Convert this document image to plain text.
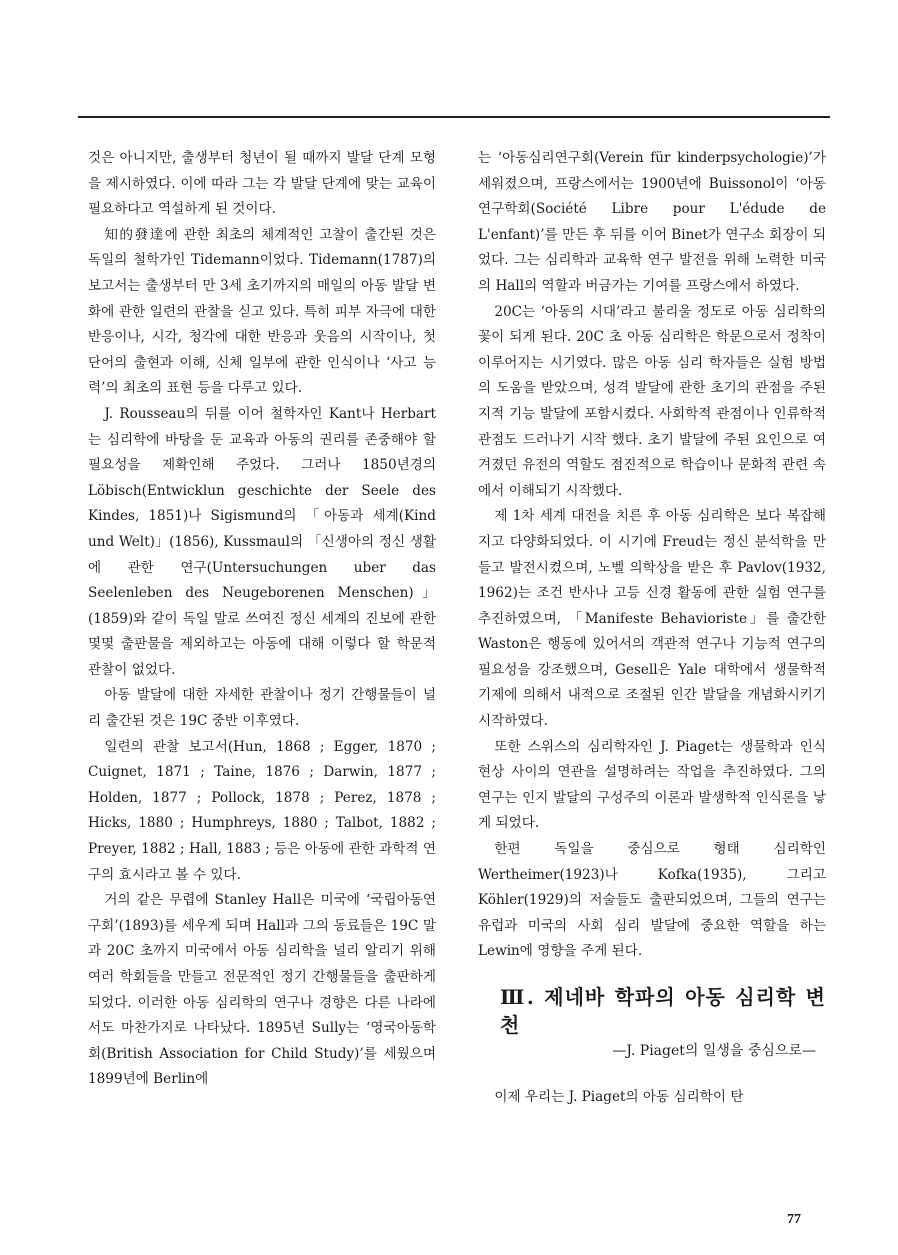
것은 아니지만, 출생부터 청년이 될 때까지 발달 단계 모형을 제시하였다. 이에 따라 그는 각 발달 단계에 맞는 교육이 필요하다고 역설하게 된 것이다.

知的發達에 관한 최초의 체계적인 고찰이 출간된 것은 독일의 철학가인 Tidemann이었다. Tidemann(1787)의 보고서는 출생부터 만 3세 초기까지의 매일의 아동 발달 변화에 관한 일련의 관찰을 싣고 있다. 특히 피부 자극에 대한 반응이나, 시각, 청각에 대한 반응과 웃음의 시작이나, 첫 단어의 출현과 이해, 신체 일부에 관한 인식이나 ‘사고 능력’의 최초의 표현 등을 다루고 있다.

J. Rousseau의 뒤를 이어 철학자인 Kant나 Herbart는 심리학에 바탕을 둔 교육과 아동의 권리를 존중해야 할 필요성을 제확인해 주었다. 그러나 1850년경의 Löbisch(Entwicklun geschichte der Seele des Kindes, 1851)나 Sigismund의 「아동과 세계(Kind und Welt)」(1856), Kussmaul의 「신생아의 정신 생활에 관한 연구(Untersuchungen uber das Seelenleben des Neugeborenen Menschen)」(1859)와 같이 독일 말로 쓰여진 정신 세계의 진보에 관한 몇몇 출판물을 제외하고는 아동에 대해 이렇다 할 학문적 관찰이 없었다.

아동 발달에 대한 자세한 관찰이나 정기 간행물들이 널리 출간된 것은 19C 중반 이후였다.

일련의 관찰 보고서(Hun, 1868 ; Egger, 1870 ; Cuignet, 1871 ; Taine, 1876 ; Darwin, 1877 ; Holden, 1877 ; Pollock, 1878 ; Perez, 1878 ; Hicks, 1880 ; Humphreys, 1880 ; Talbot, 1882 ; Preyer, 1882 ; Hall, 1883 ; 등은 아동에 관한 과학적 연구의 효시라고 볼 수 있다.

거의 같은 무렵에 Stanley Hall은 미국에 ‘국립아동연구회’(1893)를 세우게 되며 Hall과 그의 동료들은 19C 말과 20C 초까지 미국에서 아동 심리학을 널리 알리기 위해 여러 학회들을 만들고 전문적인 정기 간행물들을 출판하게 되었다. 이러한 아동 심리학의 연구나 경향은 다른 나라에서도 마찬가지로 나타났다. 1895년 Sully는 ‘영국아동학회(British Association for Child Study)’를 세웠으며 1899년에 Berlin에

는 ‘아동심리연구회(Verein für kinderpsychologie)’가 세워졌으며, 프랑스에서는 1900년에 Buissonol이 ‘아동연구학회(Société Libre pour L'édude de L'enfant)’를 만든 후 뒤를 이어 Binet가 연구소 회장이 되었다. 그는 심리학과 교육학 연구 발전을 위해 노력한 미국의 Hall의 역할과 버금가는 기여를 프랑스에서 하였다.

20C는 ‘아동의 시대’라고 불리울 정도로 아동 심리학의 꽃이 되게 된다. 20C 초 아동 심리학은 학문으로서 정착이 이루어지는 시기였다. 많은 아동 심리 학자들은 실험 방법의 도움을 받았으며, 성격 발달에 관한 초기의 관점을 주된 지적 기능 발달에 포함시켰다. 사회학적 관점이나 인류학적 관점도 드러나기 시작 했다. 초기 발달에 주된 요인으로 여겨졌던 유전의 역할도 점진적으로 학습이나 문화적 관련 속에서 이해되기 시작했다.

제 1차 세계 대전을 치른 후 아동 심리학은 보다 복잡해지고 다양화되었다. 이 시기에 Freud는 정신 분석학을 만들고 발전시켰으며, 노벨 의학상을 받은 후 Pavlov(1932, 1962)는 조건 반사나 고등 신경 활동에 관한 실험 연구를 추진하였으며, 「Manifeste Behavioriste」를 출간한 Waston은 행동에 있어서의 객관적 연구나 기능적 연구의 필요성을 강조했으며, Gesell은 Yale 대학에서 생물학적 기제에 의해서 내적으로 조절된 인간 발달을 개념화시키기 시작하였다.

또한 스위스의 심리학자인 J. Piaget는 생물학과 인식 현상 사이의 연관을 설명하려는 작업을 추진하였다. 그의 연구는 인지 발달의 구성주의 이론과 발생학적 인식론을 낳게 되었다.

한편 독일을 중심으로 형태 심리학인 Wertheimer(1923)나 Kofka(1935), 그리고 Köhler(1929)의 저술들도 출판되었으며, 그들의 연구는 유럽과 미국의 사회 심리 발달에 중요한 역할을 하는 Lewin에 영향을 주게 된다.

Ⅲ. 제네바 학파의 아동 심리학 변천
—J. Piaget의 일생을 중심으로—

이제 우리는 J. Piaget의 아동 심리학이 탄

77
